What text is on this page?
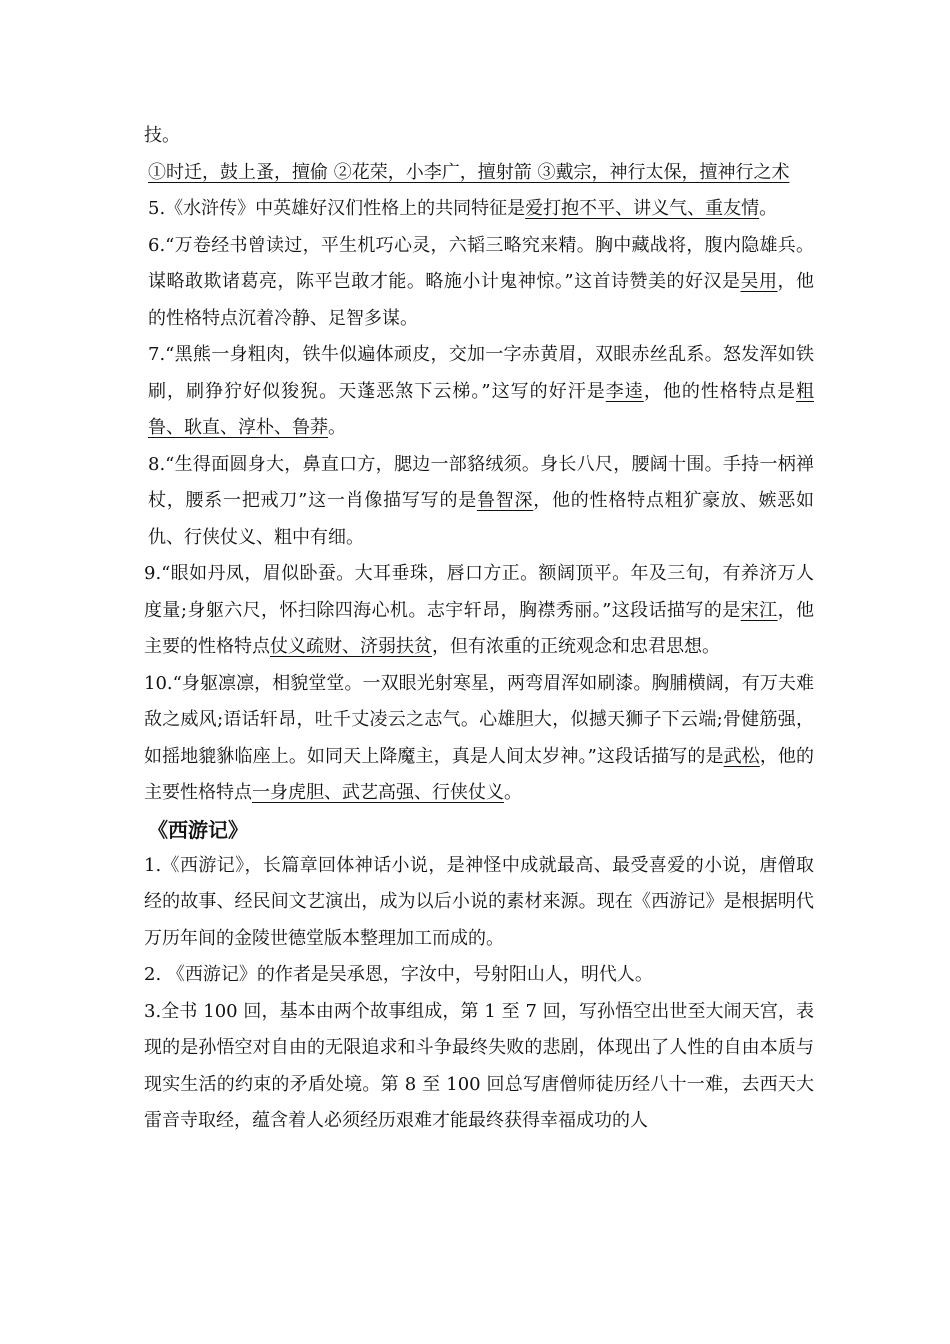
技。

①时迁，鼓上蚤，擅偷 ②花荣，小李广，擅射箭 ③戴宗，神行太保，擅神行之术

5.《水浒传》中英雄好汉们性格上的共同特征是爱打抱不平、讲义气、重友情。

6.“万卷经书曾读过，平生机巧心灵，六韬三略究来精。胸中藏战将，腹内隐雄兵。谋略敢欺诸葛亮，陈平岂敢才能。略施小计鬼神惊。”这首诗赞美的好汉是吴用，他的性格特点沉着冷静、足智多谋。

7.“黑熊一身粗肉，铁牛似遍体顽皮，交加一字赤黄眉，双眼赤丝乱系。怒发浑如铁刷，刷狰狞好似狻猊。天蓬恶煞下云梯。”这写的好汗是李逵，他的性格特点是粗鲁、耿直、淳朴、鲁莽。

8.“生得面圆身大，鼻直口方，腮边一部貉绒须。身长八尺，腰阔十围。手持一柄禅杖，腰系一把戒刀”这一肖像描写写的是鲁智深，他的性格特点粗犷豪放、嫉恶如仇、行侠仗义、粗中有细。

9.“眼如丹凤，眉似卧蚕。大耳垂珠，唇口方正。额阔顶平。年及三旬，有养济万人度量;身躯六尺，怀扫除四海心机。志宇轩昂，胸襟秀丽。”这段话描写的是宋江，他主要的性格特点仗义疏财、济弱扶贫，但有浓重的正统观念和忠君思想。

10.“身躯凛凛，相貌堂堂。一双眼光射寒星，两弯眉浑如刷漆。胸脯横阔，有万夫难敌之威风;语话轩昂，吐千丈凌云之志气。心雄胆大，似撼天狮子下云端;骨健筋强，如摇地貔貅临座上。如同天上降魔主，真是人间太岁神。”这段话描写的是武松，他的主要性格特点一身虎胆、武艺高强、行侠仗义。

《西游记》

1.《西游记》，长篇章回体神话小说，是神怪中成就最高、最受喜爱的小说，唐僧取经的故事、经民间文艺演出，成为以后小说的素材来源。现在《西游记》是根据明代万历年间的金陵世德堂版本整理加工而成的。

2. 《西游记》的作者是吴承恩，字汝中，号射阳山人，明代人。

3.全书 100 回，基本由两个故事组成，第 1 至 7 回，写孙悟空出世至大闹天宫，表现的是孙悟空对自由的无限追求和斗争最终失败的悲剧，体现出了人性的自由本质与现实生活的约束的矛盾处境。第 8 至 100 回总写唐僧师徒历经八十一难，去西天大雷音寺取经，蕴含着人必须经历艰难才能最终获得幸福成功的人
